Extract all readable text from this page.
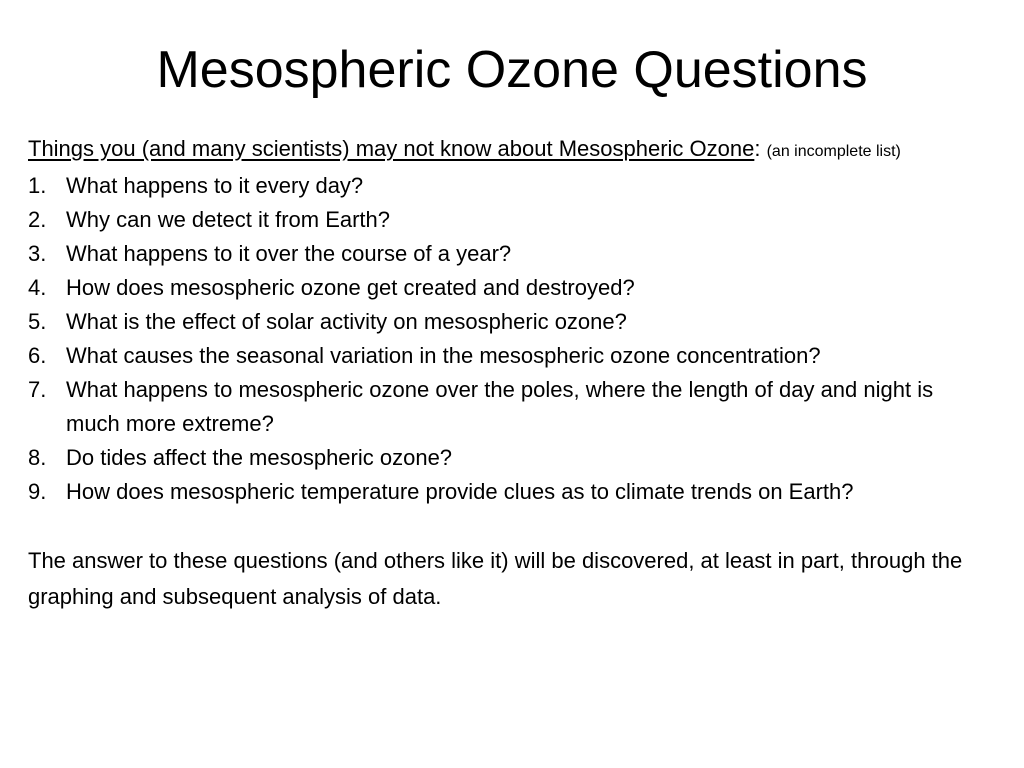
Mesospheric Ozone Questions

Things you (and many scientists) may not know about Mesospheric Ozone: (an incomplete list)

1. What happens to it every day?
2. Why can we detect it from Earth?
3. What happens to it over the course of a year?
4. How does mesospheric ozone get created and destroyed?
5. What is the effect of solar activity on mesospheric ozone?
6. What causes the seasonal variation in the mesospheric ozone concentration?
7. What happens to mesospheric ozone over the poles, where the length of day and night is much more extreme?
8. Do tides affect the mesospheric ozone?
9. How does mesospheric temperature provide clues as to climate trends on Earth?

The answer to these questions (and others like it) will be discovered, at least in part, through the graphing and subsequent analysis of data.
